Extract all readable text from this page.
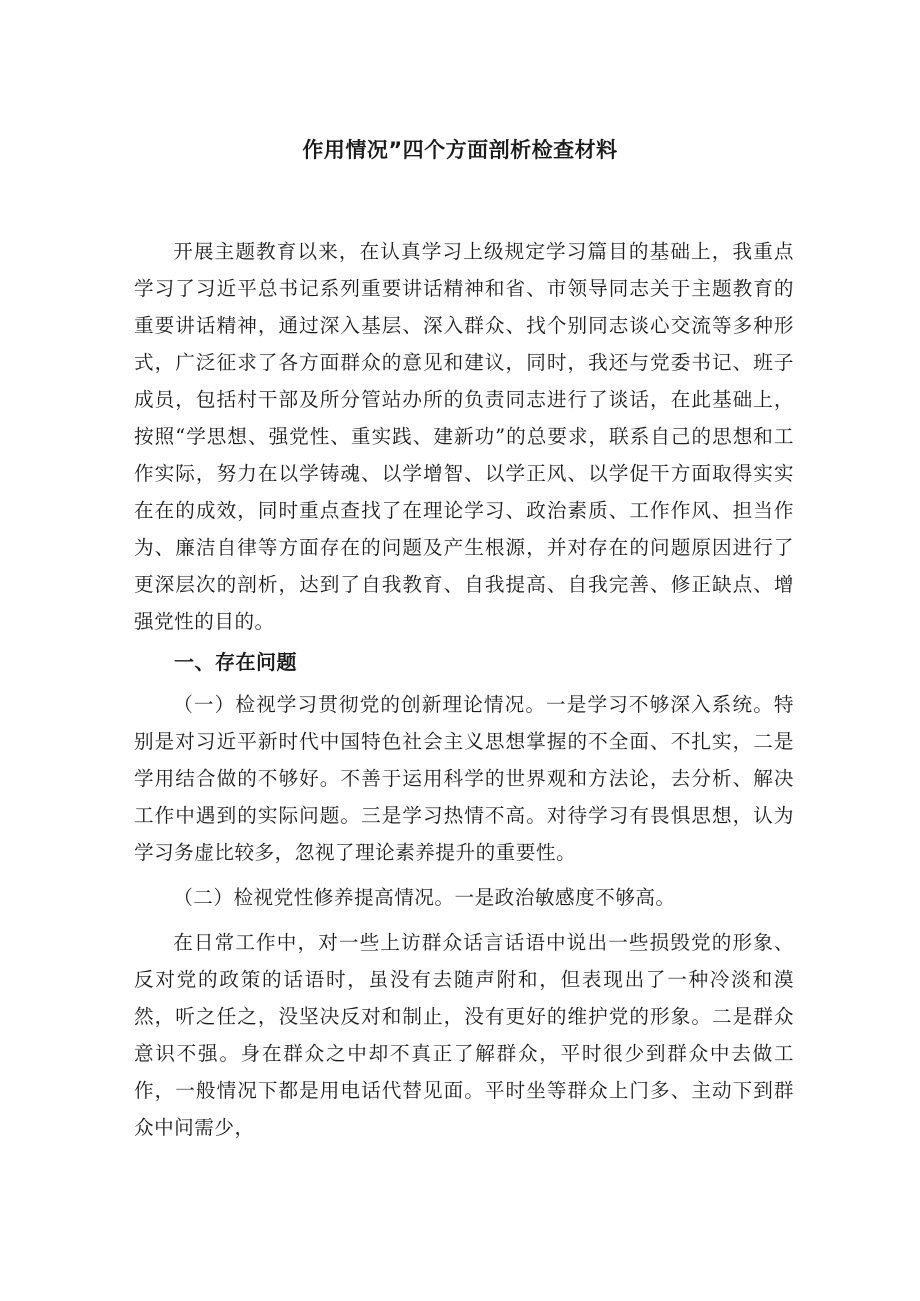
作用情况”四个方面剖析检查材料

开展主题教育以来，在认真学习上级规定学习篇目的基础上，我重点学习了习近平总书记系列重要讲话精神和省、市领导同志关于主题教育的重要讲话精神，通过深入基层、深入群众、找个别同志谈心交流等多种形式，广泛征求了各方面群众的意见和建议，同时，我还与党委书记、班子成员，包括村干部及所分管站办所的负责同志进行了谈话，在此基础上，按照“学思想、强党性、重实践、建新功”的总要求，联系自己的思想和工作实际，努力在以学铸魂、以学增智、以学正风、以学促干方面取得实实在在的成效，同时重点查找了在理论学习、政治素质、工作作风、担当作为、廉洁自律等方面存在的问题及产生根源，并对存在的问题原因进行了更深层次的剖析，达到了自我教育、自我提高、自我完善、修正缺点、增强党性的目的。

一、存在问题

（一）检视学习贯彻党的创新理论情况。一是学习不够深入系统。特别是对习近平新时代中国特色社会主义思想掌握的不全面、不扎实，二是学用结合做的不够好。不善于运用科学的世界观和方法论，去分析、解决工作中遇到的实际问题。三是学习热情不高。对待学习有畏惧思想，认为学习务虚比较多，忽视了理论素养提升的重要性。

（二）检视党性修养提高情况。一是政治敏感度不够高。

在日常工作中，对一些上访群众话言话语中说出一些损毁党的形象、反对党的政策的话语时，虽没有去随声附和，但表现出了一种冷淡和漠然，听之任之，没坚决反对和制止，没有更好的维护党的形象。二是群众意识不强。身在群众之中却不真正了解群众，平时很少到群众中去做工作，一般情况下都是用电话代替见面。平时坐等群众上门多、主动下到群众中问需少，
